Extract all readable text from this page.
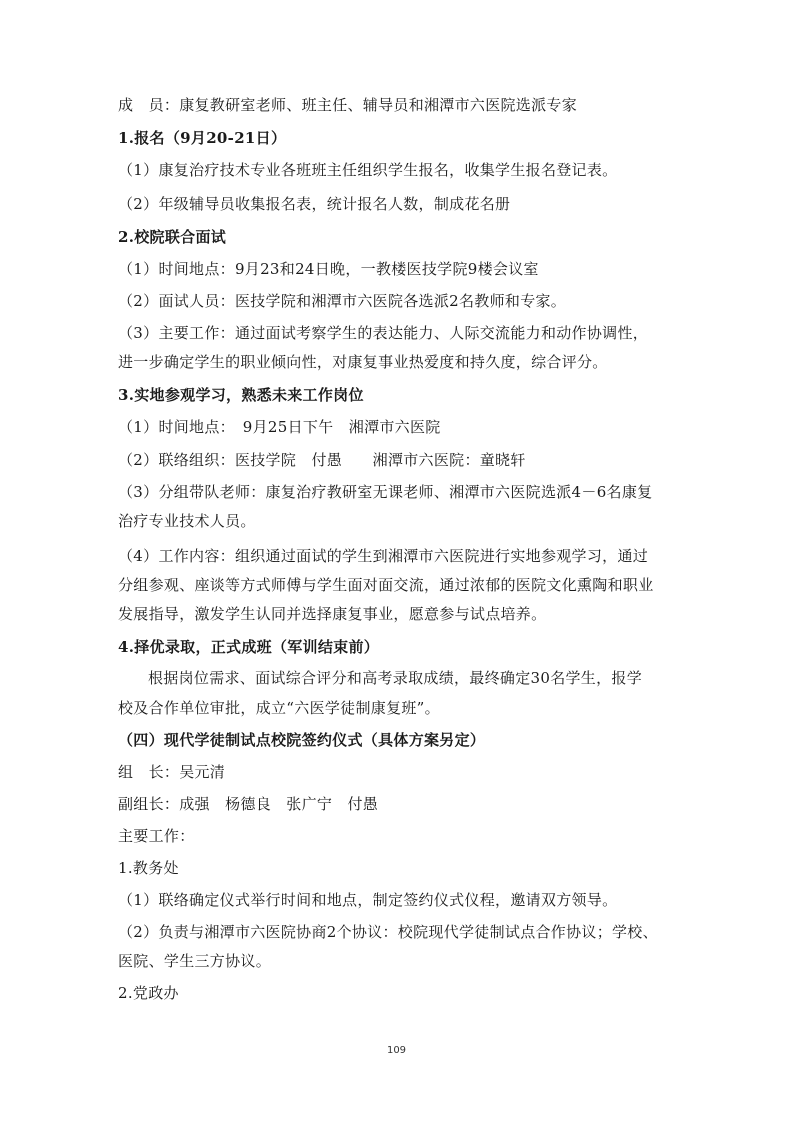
成　员：康复教研室老师、班主任、辅导员和湘潭市六医院选派专家
1.报名（9月20-21日）
（1）康复治疗技术专业各班班主任组织学生报名，收集学生报名登记表。
（2）年级辅导员收集报名表，统计报名人数，制成花名册
2.校院联合面试
（1）时间地点：9月23和24日晚，一教楼医技学院9楼会议室
（2）面试人员：医技学院和湘潭市六医院各选派2名教师和专家。
（3）主要工作：通过面试考察学生的表达能力、人际交流能力和动作协调性，
进一步确定学生的职业倾向性，对康复事业热爱度和持久度，综合评分。
3.实地参观学习，熟悉未来工作岗位
（1）时间地点：　9月25日下午　湘潭市六医院
（2）联络组织：医技学院　付愚　　湘潭市六医院：童晓轩
（3）分组带队老师：康复治疗教研室无课老师、湘潭市六医院选派4－6名康复
治疗专业技术人员。
（4）工作内容：组织通过面试的学生到湘潭市六医院进行实地参观学习，通过
分组参观、座谈等方式师傅与学生面对面交流，通过浓郁的医院文化熏陶和职业
发展指导，激发学生认同并选择康复事业，愿意参与试点培养。
4.择优录取，正式成班（军训结束前）
根据岗位需求、面试综合评分和高考录取成绩，最终确定30名学生，报学
校及合作单位审批，成立“六医学徒制康复班”。
（四）现代学徒制试点校院签约仪式（具体方案另定）
组　长：吴元清
副组长：成强　杨德良　张广宁　付愚
主要工作：
1.教务处
（1）联络确定仪式举行时间和地点，制定签约仪式仪程，邀请双方领导。
（2）负责与湘潭市六医院协商2个协议：校院现代学徒制试点合作协议；学校、
医院、学生三方协议。
2.党政办
109
